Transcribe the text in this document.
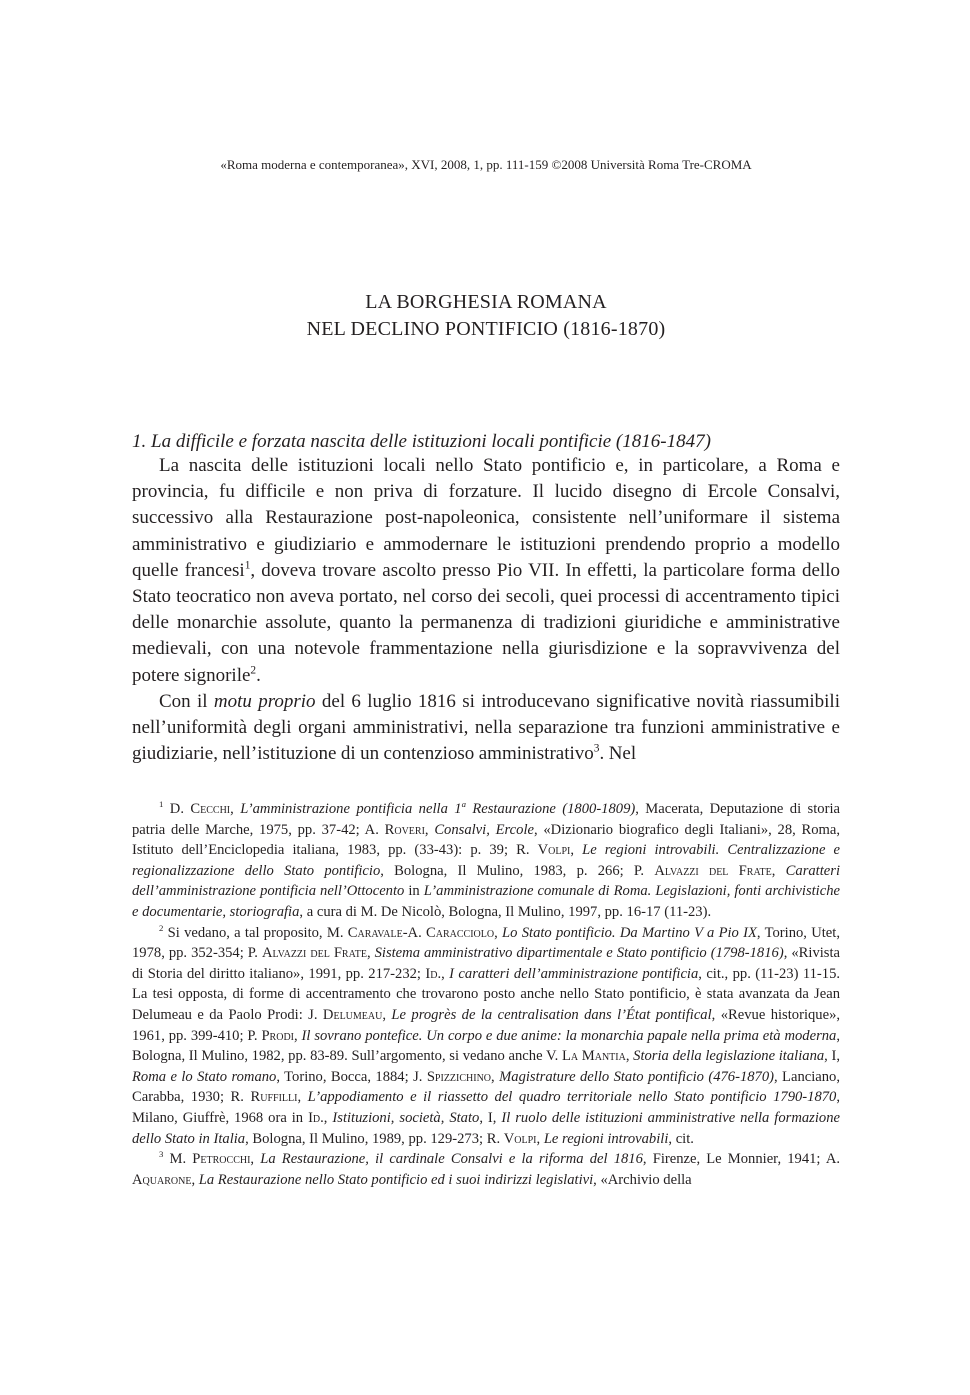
«Roma moderna e contemporanea», XVI, 2008, 1, pp. 111-159 ©2008 Università Roma Tre-CROMA
LA BORGHESIA ROMANA
NEL DECLINO PONTIFICIO (1816-1870)
1. La difficile e forzata nascita delle istituzioni locali pontificie (1816-1847)

La nascita delle istituzioni locali nello Stato pontificio e, in particolare, a Roma e provincia, fu difficile e non priva di forzature. Il lucido disegno di Ercole Consalvi, successivo alla Restaurazione post-napoleonica, consistente nell’uniformare il sistema amministrativo e giudiziario e ammodernare le istituzioni prendendo proprio a modello quelle francesi$^1$, doveva trovare ascolto presso Pio VII. In effetti, la particolare forma dello Stato teocratico non aveva portato, nel corso dei secoli, quei processi di accentramento tipici delle monarchie assolute, quanto la permanenza di tradizioni giuridiche e amministrative medievali, con una notevole frammentazione nella giurisdizione e la sopravvivenza del potere signorile$^2$.

Con il motu proprio del 6 luglio 1816 si introducevano significative novità riassumibili nell’uniformità degli organi amministrativi, nella separazione tra funzioni amministrative e giudiziarie, nell’istituzione di un contenzioso amministrativo$^3$. Nel

$^1$ D. Cecchi, L’amministrazione pontificia nella 1$^a$ Restaurazione (1800-1809), Macerata, Deputazione di storia patria delle Marche, 1975, pp. 37-42; A. Roveri, Consalvi, Ercole, «Dizionario biografico degli Italiani», 28, Roma, Istituto dell’Enciclopedia italiana, 1983, pp. (33-43): p. 39; R. Volpi, Le regioni introvabili. Centralizzazione e regionalizzazione dello Stato pontificio, Bologna, Il Mulino, 1983, p. 266; P. Alvazzi del Frate, Caratteri dell’amministrazione pontificia nell’Ottocento in L’amministrazione comunale di Roma. Legislazioni, fonti archivistiche e documentarie, storiografia, a cura di M. De Nicolò, Bologna, Il Mulino, 1997, pp. 16-17 (11-23).

$^2$ Si vedano, a tal proposito, M. Caravale-A. Caracciolo, Lo Stato pontificio. Da Martino V a Pio IX, Torino, Utet, 1978, pp. 352-354; P. Alvazzi del Frate, Sistema amministrativo dipartimentale e Stato pontificio (1798-1816), «Rivista di Storia del diritto italiano», 1991, pp. 217-232; Id., I caratteri dell’amministrazione pontificia, cit., pp. (11-23) 11-15. La tesi opposta, di forme di accentramento che trovarono posto anche nello Stato pontificio, è stata avanzata da Jean Delumeau e da Paolo Prodi: J. Delumeau, Le progrès de la centralisation dans l’État pontifical, «Revue historique», 1961, pp. 399-410; P. Prodi, Il sovrano pontefice. Un corpo e due anime: la monarchia papale nella prima età moderna, Bologna, Il Mulino, 1982, pp. 83-89. Sull’argomento, si vedano anche V. La Mantia, Storia della legislazione italiana, I, Roma e lo Stato romano, Torino, Bocca, 1884; J. Spizzichino, Magistrature dello Stato pontificio (476-1870), Lanciano, Carabba, 1930; R. Ruffilli, L’appodiamento e il riassetto del quadro territoriale nello Stato pontificio 1790-1870, Milano, Giuffrè, 1968 ora in Id., Istituzioni, società, Stato, I, Il ruolo delle istituzioni amministrative nella formazione dello Stato in Italia, Bologna, Il Mulino, 1989, pp. 129-273; R. Volpi, Le regioni introvabili, cit.

$^3$ M. Petrocchi, La Restaurazione, il cardinale Consalvi e la riforma del 1816, Firenze, Le Monnier, 1941; A. Aquarone, La Restaurazione nello Stato pontificio ed i suoi indirizzi legislativi, «Archivio della
